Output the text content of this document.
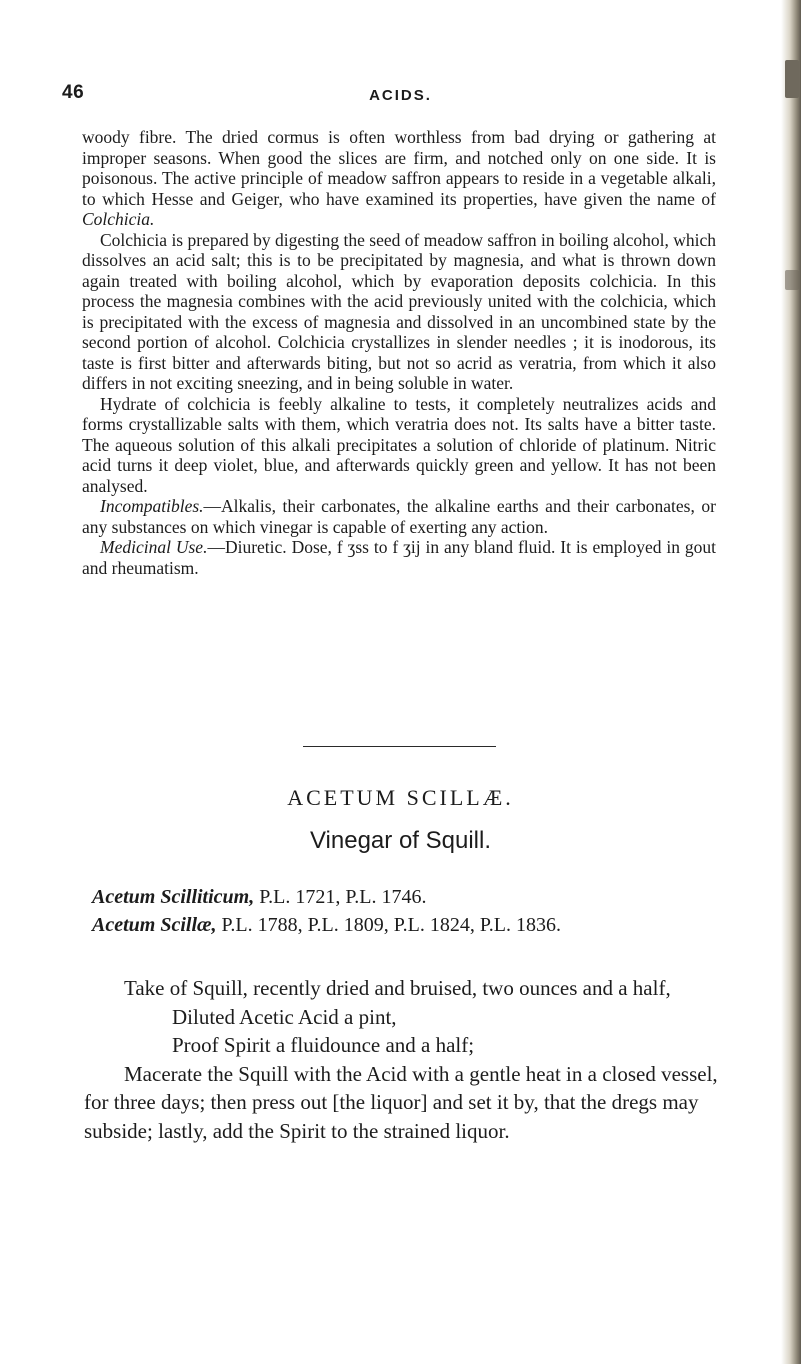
46	ACIDS.

woody fibre. The dried cormus is often worthless from bad drying or gathering at improper seasons. When good the slices are firm, and notched only on one side. It is poisonous. The active principle of meadow saffron appears to reside in a vegetable alkali, to which Hesse and Geiger, who have examined its properties, have given the name of Colchicia.

Colchicia is prepared by digesting the seed of meadow saffron in boiling alcohol, which dissolves an acid salt; this is to be precipitated by magnesia, and what is thrown down again treated with boiling alcohol, which by evaporation deposits colchicia. In this process the magnesia combines with the acid previously united with the colchicia, which is precipitated with the excess of magnesia and dissolved in an uncombined state by the second portion of alcohol. Colchicia crystallizes in slender needles ; it is inodorous, its taste is first bitter and afterwards biting, but not so acrid as veratria, from which it also differs in not exciting sneezing, and in being soluble in water.

Hydrate of colchicia is feebly alkaline to tests, it completely neutralizes acids and forms crystallizable salts with them, which veratria does not. Its salts have a bitter taste. The aqueous solution of this alkali precipitates a solution of chloride of platinum. Nitric acid turns it deep violet, blue, and afterwards quickly green and yellow. It has not been analysed.

Incompatibles.—Alkalis, their carbonates, the alkaline earths and their carbonates, or any substances on which vinegar is capable of exerting any action.

Medicinal Use.—Diuretic. Dose, f ʒss to f ʒij in any bland fluid. It is employed in gout and rheumatism.

ACETUM SCILLÆ.
Vinegar of Squill.
Acetum Scilliticum, P.L. 1721, P.L. 1746.
Acetum Scillæ, P.L. 1788, P.L. 1809, P.L. 1824, P.L. 1836.
Take of Squill, recently dried and bruised, two ounces and a half,
Diluted Acetic Acid a pint,
Proof Spirit a fluidounce and a half;

Macerate the Squill with the Acid with a gentle heat in a closed vessel, for three days; then press out [the liquor] and set it by, that the dregs may subside; lastly, add the Spirit to the strained liquor.
